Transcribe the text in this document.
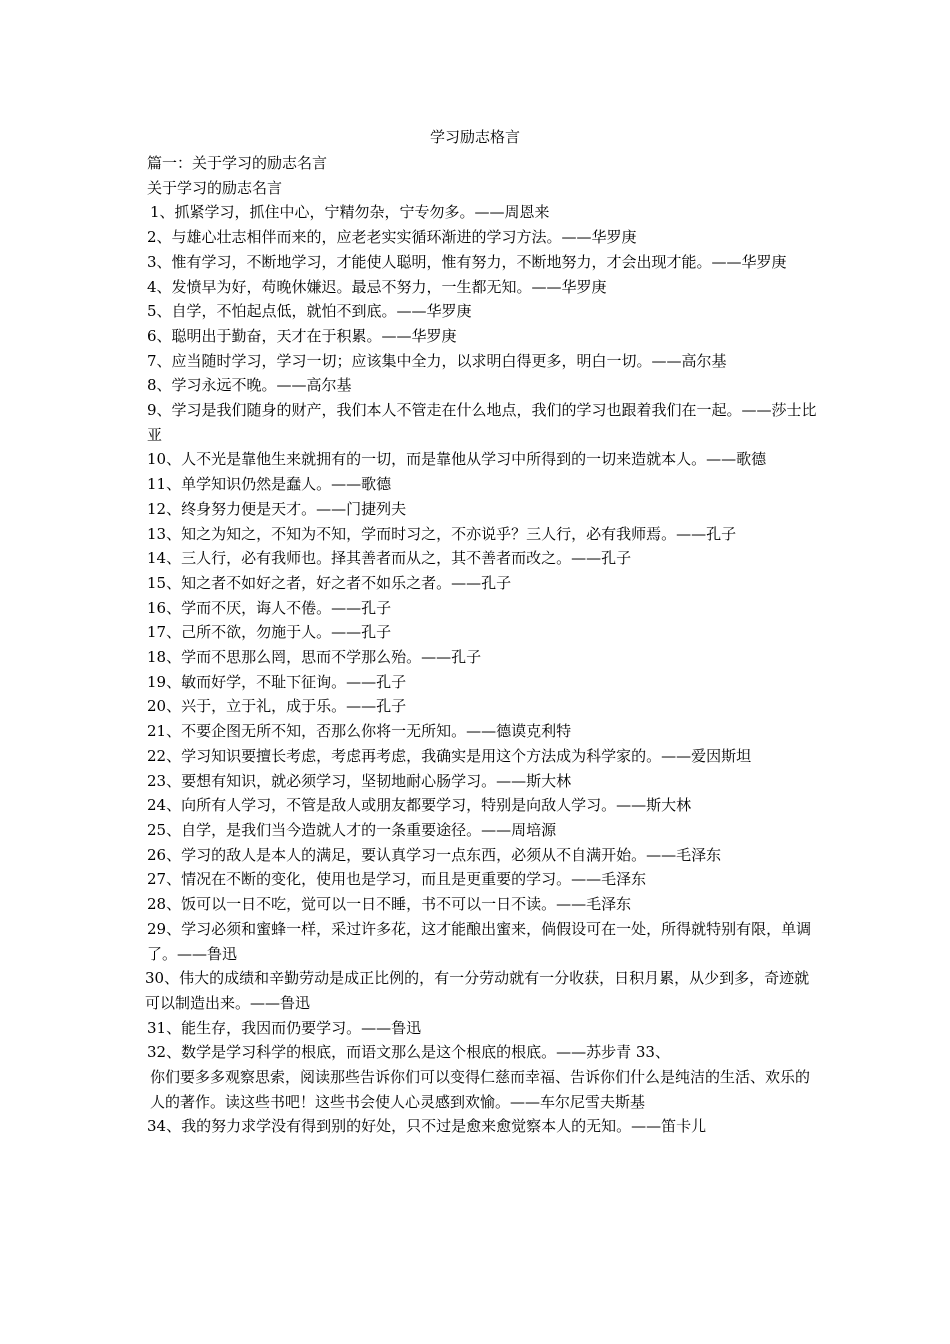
学习励志格言

篇一：关于学习的励志名言

关于学习的励志名言

1、抓紧学习，抓住中心，宁精勿杂，宁专勿多。——周恩来

2、与雄心壮志相伴而来的，应老老实实循环渐进的学习方法。——华罗庚

3、惟有学习，不断地学习，才能使人聪明，惟有努力，不断地努力，才会出现才能。——华罗庚

4、发愤早为好，苟晚休嫌迟。最忌不努力，一生都无知。——华罗庚

5、自学，不怕起点低，就怕不到底。——华罗庚

6、聪明出于勤奋，天才在于积累。——华罗庚

7、应当随时学习，学习一切；应该集中全力，以求明白得更多，明白一切。——高尔基

8、学习永远不晚。——高尔基

9、学习是我们随身的财产，我们本人不管走在什么地点，我们的学习也跟着我们在一起。——莎士比亚

10、人不光是靠他生来就拥有的一切，而是靠他从学习中所得到的一切来造就本人。——歌德

11、单学知识仍然是蠢人。——歌德

12、终身努力便是天才。——门捷列夫

13、知之为知之，不知为不知，学而时习之，不亦说乎？三人行，必有我师焉。——孔子

14、三人行，必有我师也。择其善者而从之，其不善者而改之。——孔子

15、知之者不如好之者，好之者不如乐之者。——孔子

16、学而不厌，诲人不倦。——孔子

17、己所不欲，勿施于人。——孔子

18、学而不思那么罔，思而不学那么殆。——孔子

19、敏而好学，不耻下征询。——孔子

20、兴于，立于礼，成于乐。——孔子

21、不要企图无所不知，否那么你将一无所知。——德谟克利特

22、学习知识要擅长考虑，考虑再考虑，我确实是用这个方法成为科学家的。——爱因斯坦

23、要想有知识，就必须学习，坚韧地耐心肠学习。——斯大林

24、向所有人学习，不管是敌人或朋友都要学习，特别是向敌人学习。——斯大林

25、自学，是我们当今造就人才的一条重要途径。——周培源

26、学习的敌人是本人的满足，要认真学习一点东西，必须从不自满开始。——毛泽东

27、情况在不断的变化，使用也是学习，而且是更重要的学习。——毛泽东

28、饭可以一日不吃，觉可以一日不睡，书不可以一日不读。——毛泽东

29、学习必须和蜜蜂一样，采过许多花，这才能酿出蜜来，倘假设可在一处，所得就特别有限，单调了。——鲁迅

30、伟大的成绩和辛勤劳动是成正比例的，有一分劳动就有一分收获，日积月累，从少到多，奇迹就可以制造出来。——鲁迅

31、能生存，我因而仍要学习。——鲁迅

32、数学是学习科学的根底，而语文那么是这个根底的根底。——苏步青 33、

你们要多多观察思索，阅读那些告诉你们可以变得仁慈而幸福、告诉你们什么是纯洁的生活、欢乐的人的著作。读这些书吧！这些书会使人心灵感到欢愉。——车尔尼雪夫斯基

34、我的努力求学没有得到别的好处，只不过是愈来愈觉察本人的无知。——笛卡儿
